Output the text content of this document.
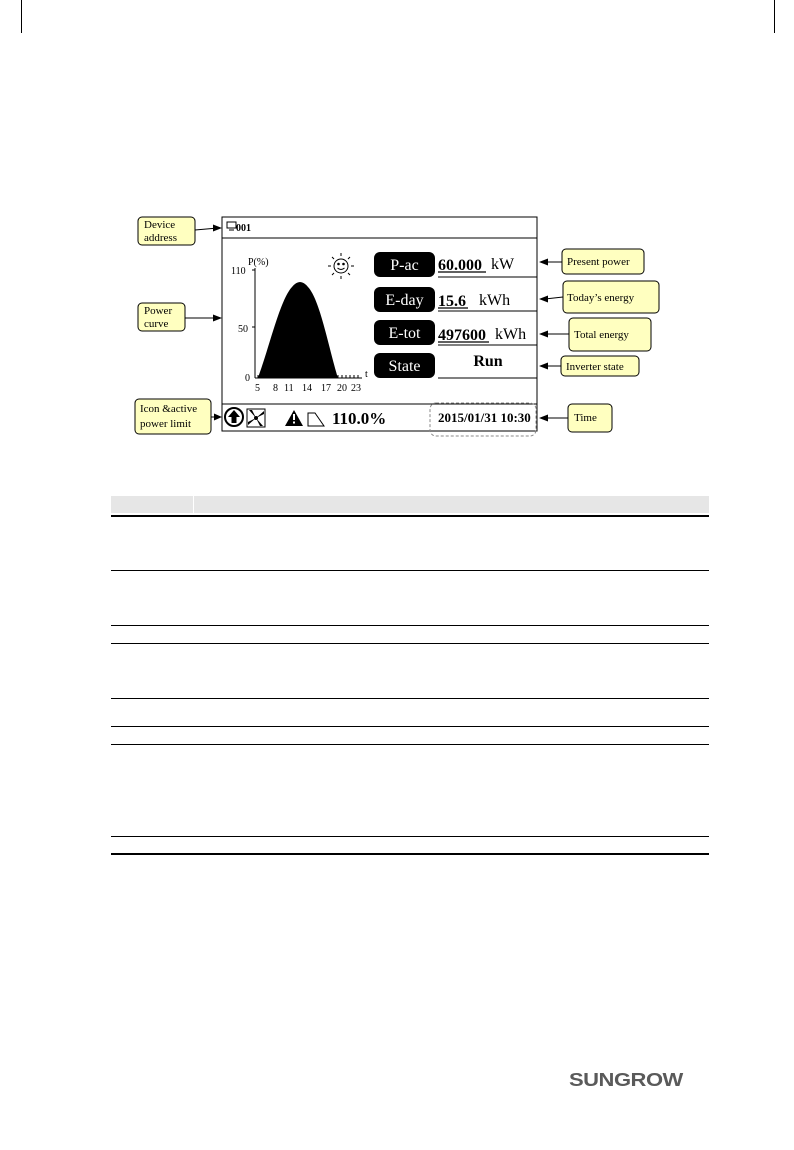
001
P(%)
110
50
0	t
5 8 11 14 17 20 23
P-ac
E-day
E-tot
State
60.000 kW
15.6 kWh
497600 kWh
Run
110.0%	2015/01/31 10:30
Device
address
Power
curve
Icon &active
power limit
Present power
Today’s energy
Total energy
Inverter state
Time
SUNGROW
